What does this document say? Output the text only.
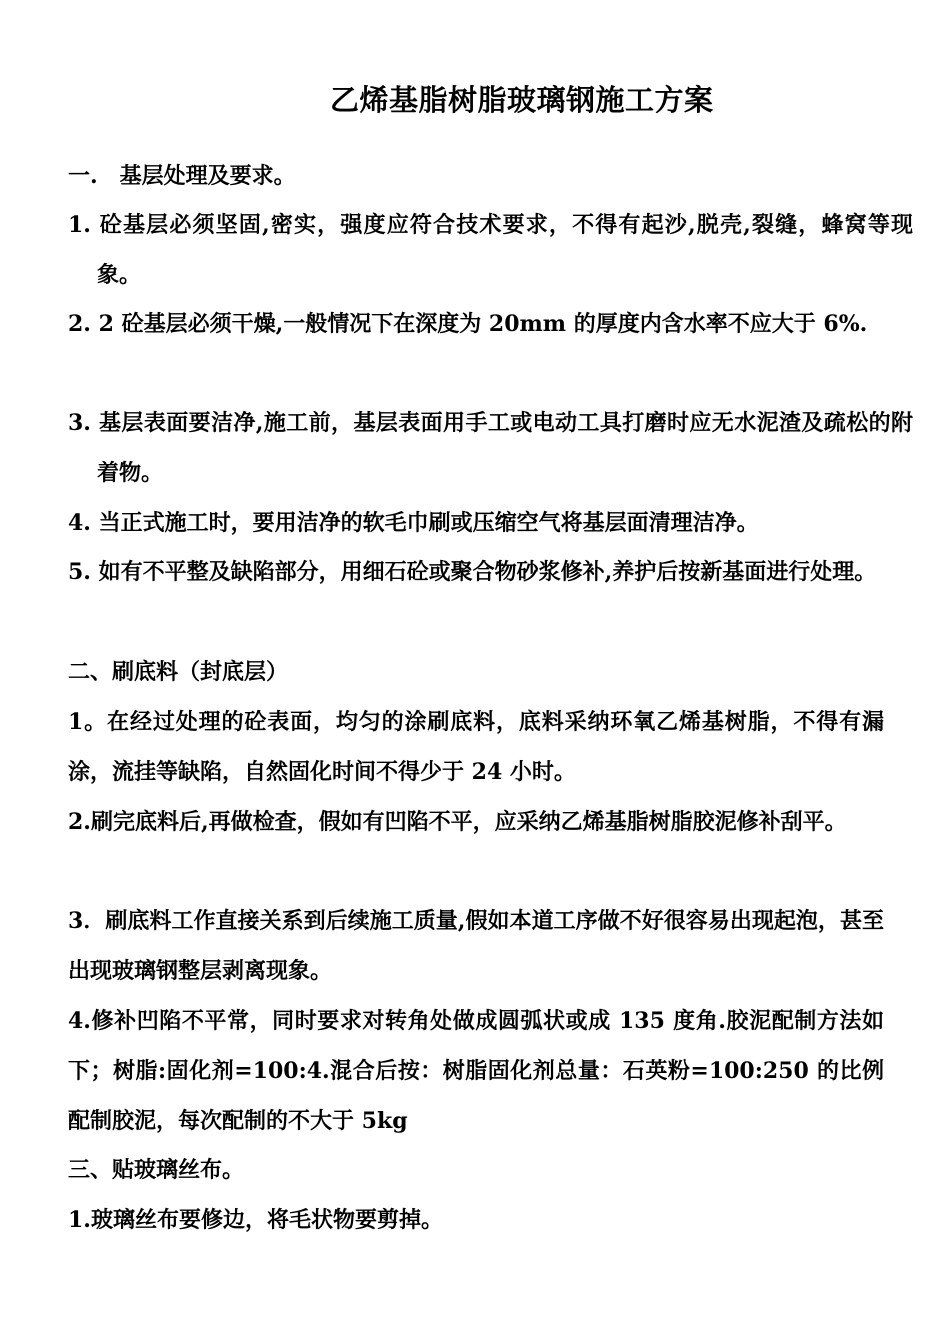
乙烯基脂树脂玻璃钢施工方案
一.　基层处理及要求。
1. 砼基层必须坚固,密实，强度应符合技术要求，不得有起沙,脱壳,裂缝，蜂窝等现象。
2. 2 砼基层必须干燥,一般情况下在深度为 20mm 的厚度内含水率不应大于 6%.
3. 基层表面要洁净,施工前，基层表面用手工或电动工具打磨时应无水泥渣及疏松的附着物。
4. 当正式施工时，要用洁净的软毛巾刷或压缩空气将基层面清理洁净。
5. 如有不平整及缺陷部分，用细石砼或聚合物砂浆修补,养护后按新基面进行处理。
二、刷底料（封底层）
1。在经过处理的砼表面，均匀的涂刷底料，底料采纳环氧乙烯基树脂，不得有漏涂，流挂等缺陷，自然固化时间不得少于 24 小时。
2.刷完底料后,再做检查，假如有凹陷不平，应采纳乙烯基脂树脂胶泥修补刮平。
3．刷底料工作直接关系到后续施工质量,假如本道工序做不好很容易出现起泡，甚至出现玻璃钢整层剥离现象。
4.修补凹陷不平常，同时要求对转角处做成圆弧状或成 135 度角.胶泥配制方法如下；树脂:固化剂=100:4.混合后按：树脂固化剂总量：石英粉=100:250 的比例配制胶泥，每次配制的不大于 5kg
三、贴玻璃丝布。
1.玻璃丝布要修边，将毛状物要剪掉。
